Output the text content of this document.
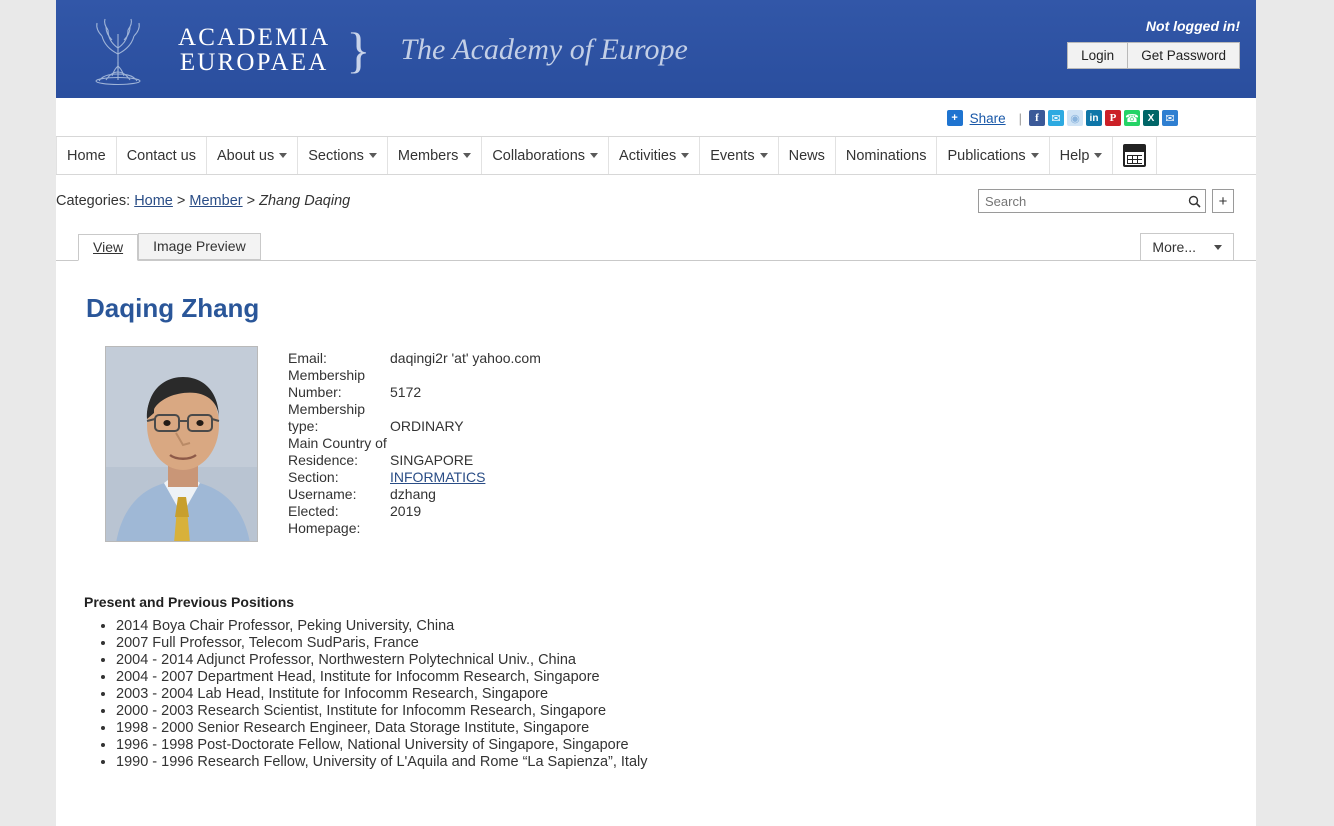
ACADEMIA
EUROPAEA } The Academy of Europe
Not logged in!
Login	Get Password
+ Share |	f	✉ ◉ in	P ☎ X	✉
Home Contact us About us Sections Members Collaborations Activities Events News Nominations Publications Help
Categories: Home > Member > Zhang Daqing
Search	+
View	Image Preview	More...
Daqing Zhang
Email:	daqingi2r 'at' yahoo.com
Membership Number:	5172
Membership type:	ORDINARY
Main Country of Residence:	SINGAPORE
Section:	INFORMATICS
Username:	dzhang
Elected:	2019
Homepage:
Present and Previous Positions
• 2014 Boya Chair Professor, Peking University, China
• 2007 Full Professor, Telecom SudParis, France
• 2004 - 2014 Adjunct Professor, Northwestern Polytechnical Univ., China
• 2004 - 2007 Department Head, Institute for Infocomm Research, Singapore
• 2003 - 2004 Lab Head, Institute for Infocomm Research, Singapore
• 2000 - 2003 Research Scientist, Institute for Infocomm Research, Singapore
• 1998 - 2000 Senior Research Engineer, Data Storage Institute, Singapore
• 1996 - 1998 Post-Doctorate Fellow, National University of Singapore, Singapore
• 1990 - 1996 Research Fellow, University of L'Aquila and Rome “La Sapienza”, Italy
